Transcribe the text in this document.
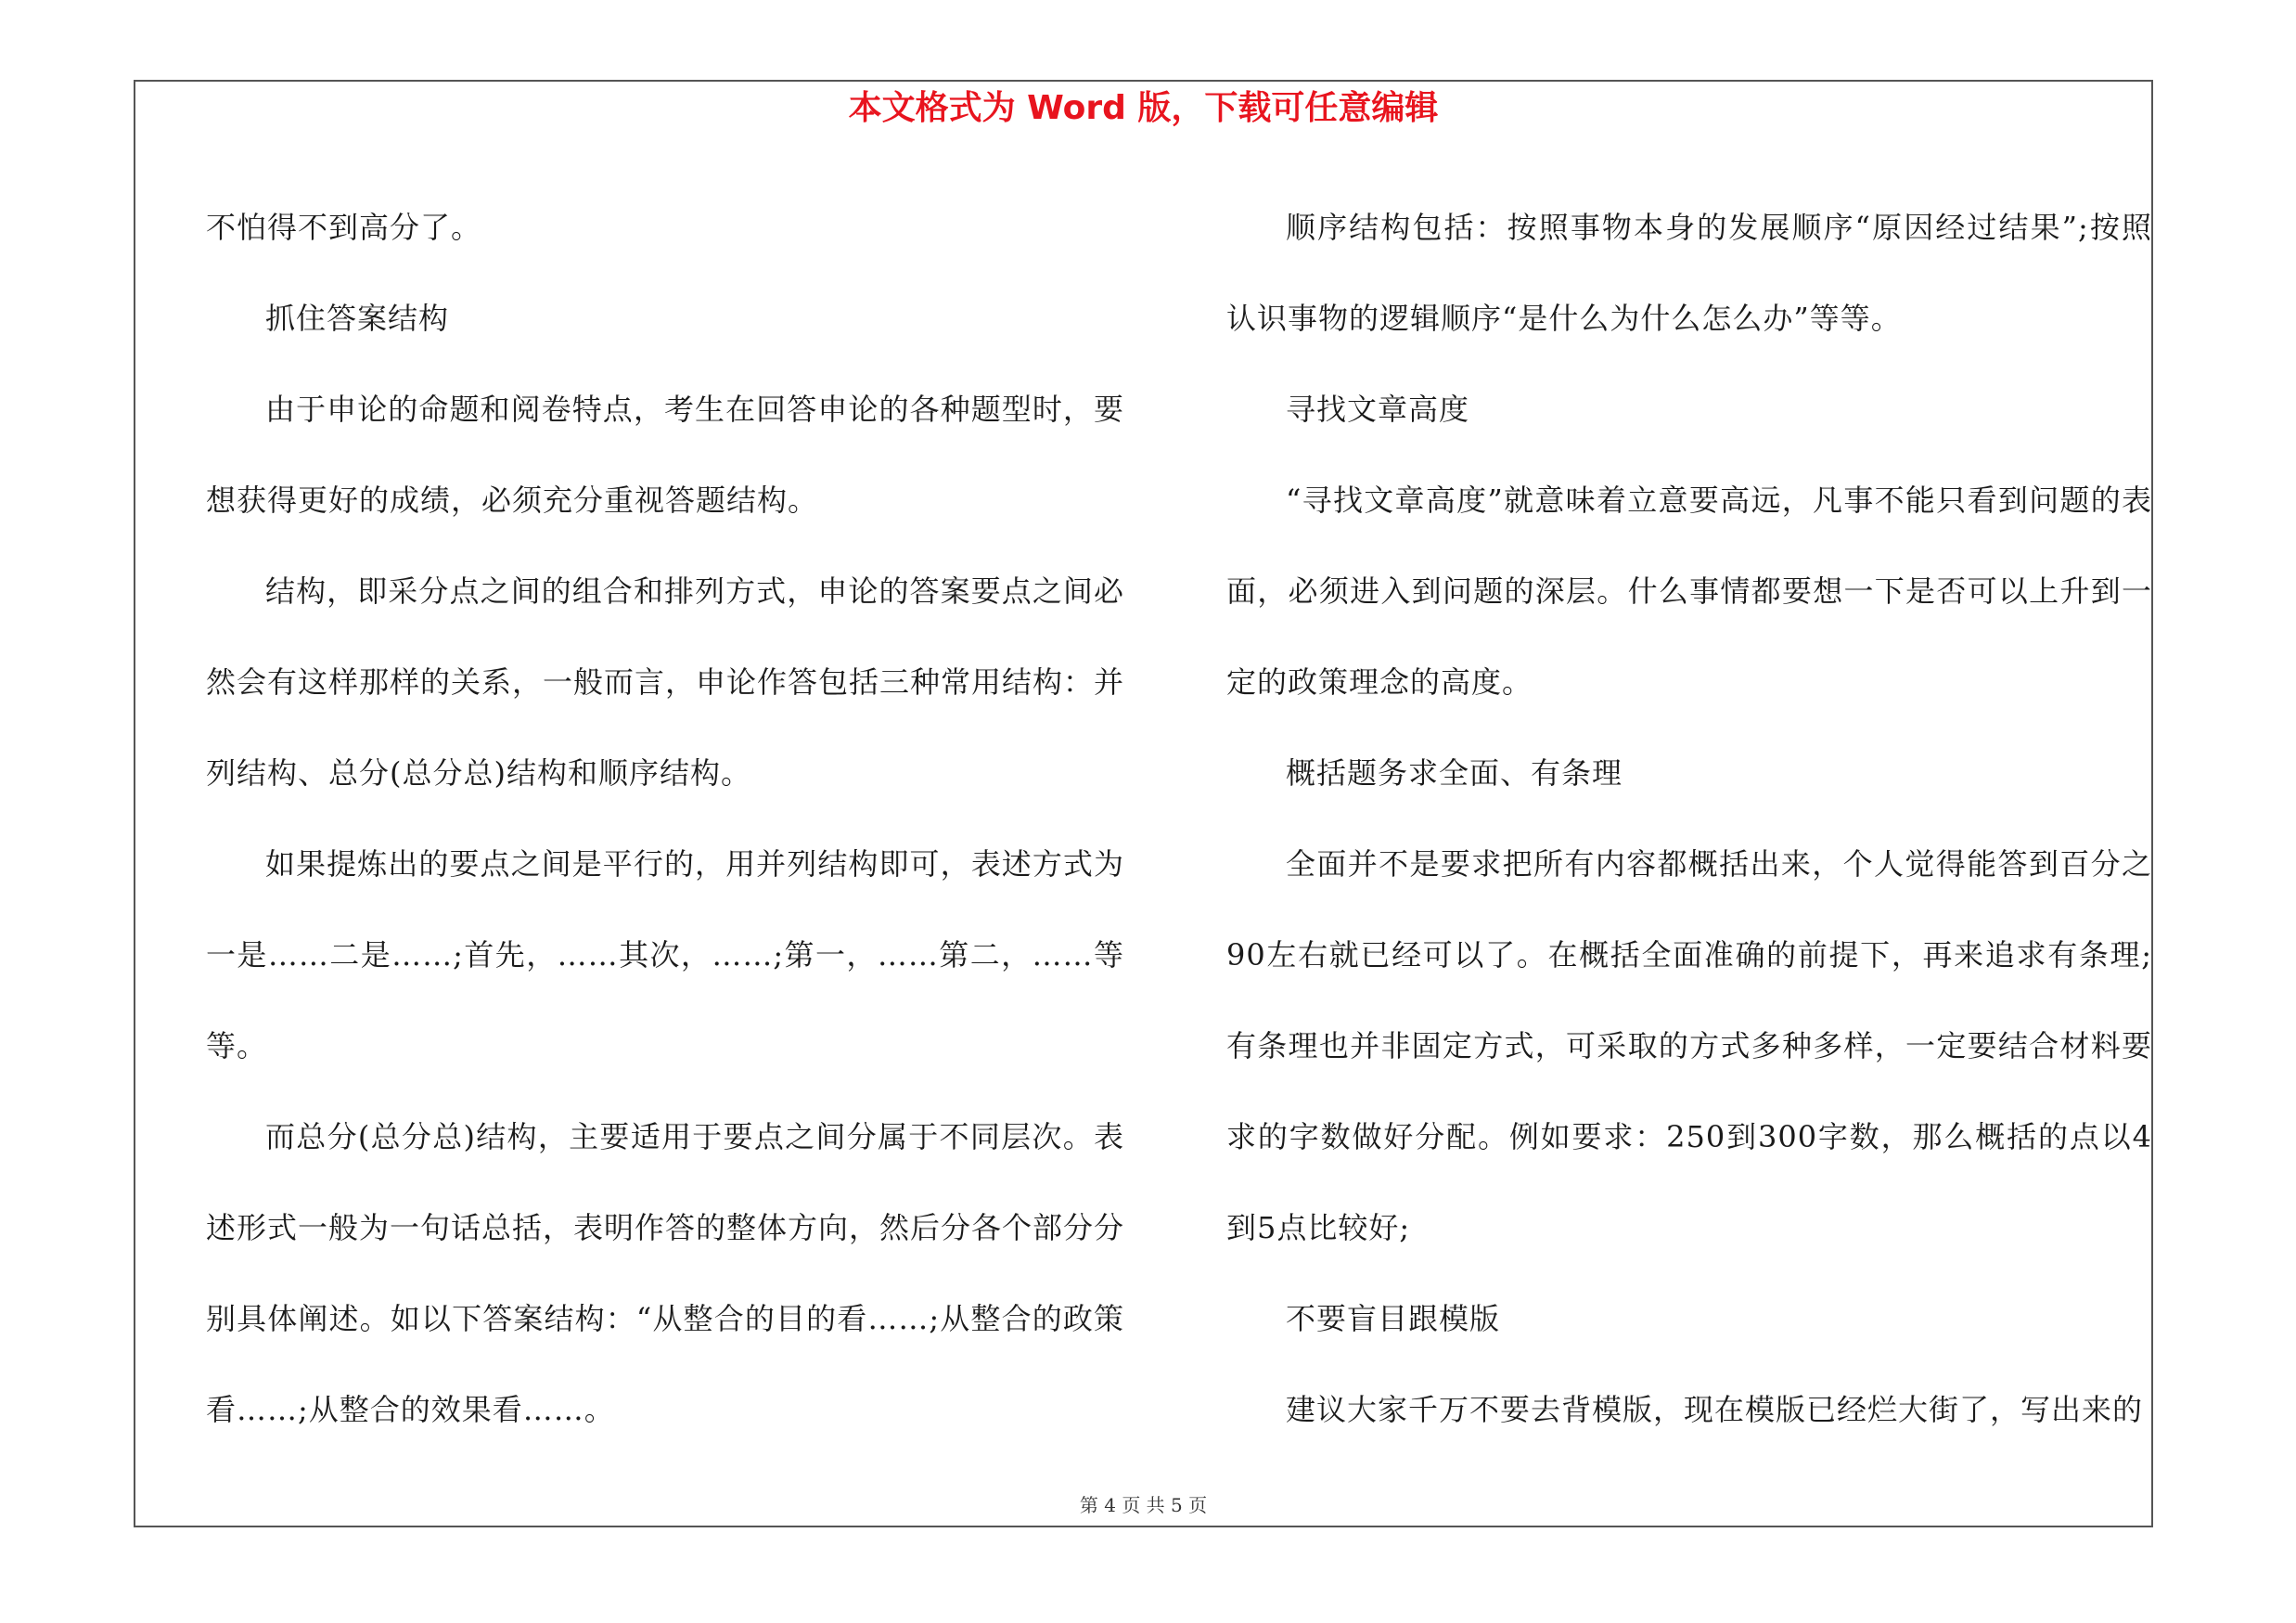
本文格式为 Word 版，下载可任意编辑

不怕得不到高分了。

抓住答案结构

由于申论的命题和阅卷特点，考生在回答申论的各种题型时，要想获得更好的成绩，必须充分重视答题结构。

结构，即采分点之间的组合和排列方式，申论的答案要点之间必然会有这样那样的关系，一般而言，申论作答包括三种常用结构：并列结构、总分(总分总)结构和顺序结构。

如果提炼出的要点之间是平行的，用并列结构即可，表述方式为一是……二是……;首先，……其次，……;第一，……第二，……等等。

而总分(总分总)结构，主要适用于要点之间分属于不同层次。表述形式一般为一句话总括，表明作答的整体方向，然后分各个部分分别具体阐述。如以下答案结构：“从整合的目的看……;从整合的政策看……;从整合的效果看……。

顺序结构包括：按照事物本身的发展顺序“原因经过结果”;按照认识事物的逻辑顺序“是什么为什么怎么办”等等。

寻找文章高度

“寻找文章高度”就意味着立意要高远，凡事不能只看到问题的表面，必须进入到问题的深层。什么事情都要想一下是否可以上升到一定的政策理念的高度。

概括题务求全面、有条理

全面并不是要求把所有内容都概括出来，个人觉得能答到百分之90左右就已经可以了。在概括全面准确的前提下，再来追求有条理;有条理也并非固定方式，可采取的方式多种多样，一定要结合材料要求的字数做好分配。例如要求：250到300字数，那么概括的点以4到5点比较好;

不要盲目跟模版

建议大家千万不要去背模版，现在模版已经烂大街了，写出来的

第 4 页 共 5 页
